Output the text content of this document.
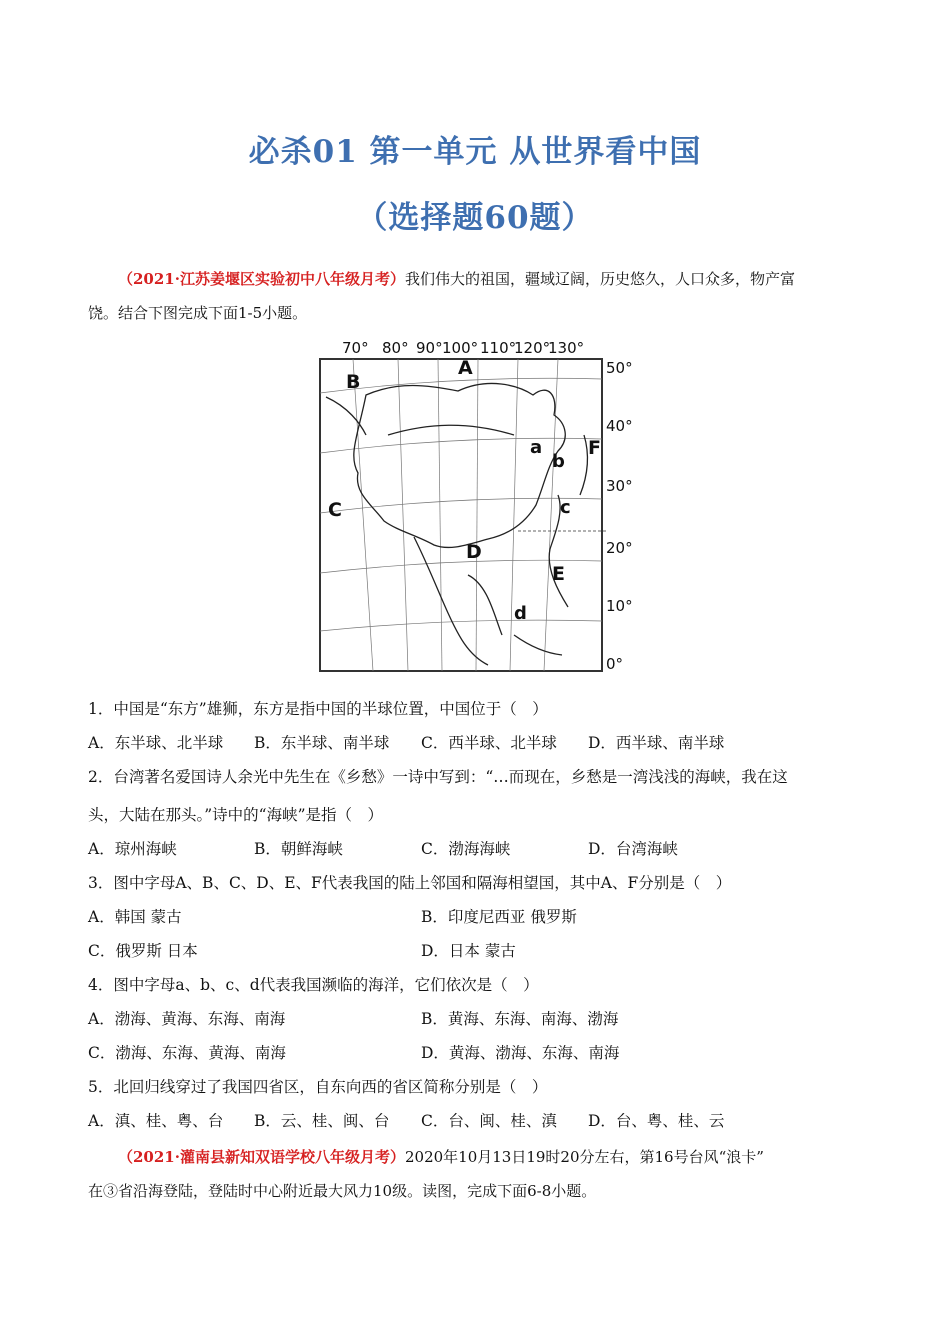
必杀01 第一单元 从世界看中国
（选择题60题）
（2021·江苏姜堰区实验初中八年级月考）我们伟大的祖国，疆域辽阔，历史悠久，人口众多，物产富
饶。结合下图完成下面1-5小题。
70° 80° 90° 100° 110°
120°
130°
50°
40°
30°
20°
10°
0°
A
B
C
D
E
F
a
b
c
d
1．中国是“东方”雄狮，东方是指中国的半球位置，中国位于（　）
A．东半球、北半球 B．东半球、南半球 C．西半球、北半球 D．西半球、南半球
2．台湾著名爱国诗人余光中先生在《乡愁》一诗中写到：“…而现在，乡愁是一湾浅浅的海峡，我在这
头，大陆在那头。”诗中的“海峡”是指（　）
A．琼州海峡	B．朝鲜海峡	C．渤海海峡	D．台湾海峡
3．图中字母A、B、C、D、E、F代表我国的陆上邻国和隔海相望国，其中A、F分别是（　）
A．韩国 蒙古	B．印度尼西亚 俄罗斯
C．俄罗斯 日本	D．日本 蒙古
4．图中字母a、b、c、d代表我国濒临的海洋，它们依次是（　）
A．渤海、黄海、东海、南海	B．黄海、东海、南海、渤海
C．渤海、东海、黄海、南海	D．黄海、渤海、东海、南海
5．北回归线穿过了我国四省区，自东向西的省区简称分别是（　）
A．滇、桂、粤、台 B．云、桂、闽、台 C．台、闽、桂、滇 D．台、粤、桂、云
（2021·灌南县新知双语学校八年级月考）2020年10月13日19时20分左右，第16号台风“浪卡”
在③省沿海登陆，登陆时中心附近最大风力10级。读图，完成下面6-8小题。
